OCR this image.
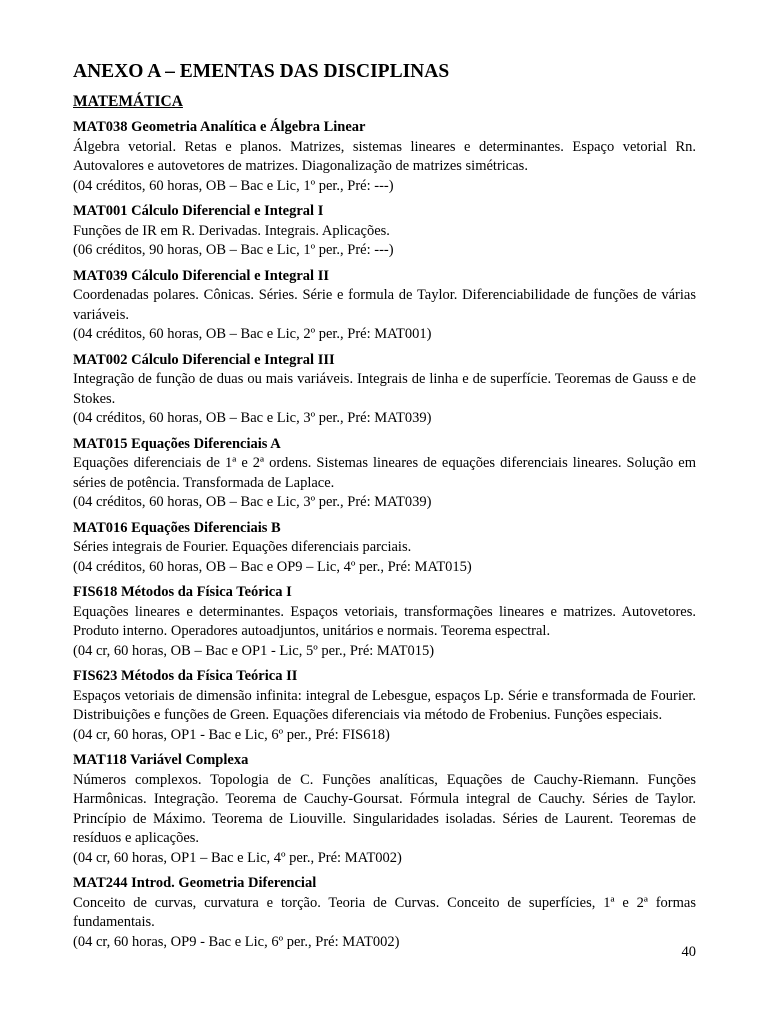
ANEXO A – EMENTAS DAS DISCIPLINAS
MATEMÁTICA

MAT038 Geometria Analítica e Álgebra Linear

Álgebra vetorial. Retas e planos. Matrizes, sistemas lineares e determinantes. Espaço vetorial Rn. Autovalores e autovetores de matrizes. Diagonalização de matrizes simétricas.

(04 créditos, 60 horas, OB – Bac e Lic, 1º per., Pré: ---)

MAT001 Cálculo Diferencial e Integral I

Funções de IR em R. Derivadas. Integrais. Aplicações.

(06 créditos, 90 horas, OB – Bac e Lic, 1º per., Pré: ---)

MAT039 Cálculo Diferencial e Integral II

Coordenadas polares. Cônicas. Séries. Série e formula de Taylor. Diferenciabilidade de funções de várias variáveis.

(04 créditos, 60 horas, OB – Bac e Lic, 2º per., Pré: MAT001)

MAT002 Cálculo Diferencial e Integral III

Integração de função de duas ou mais variáveis. Integrais de linha e de superfície. Teoremas de Gauss e de Stokes.

(04 créditos, 60 horas, OB – Bac e Lic, 3º per., Pré: MAT039)

MAT015 Equações Diferenciais A

Equações diferenciais de 1ª e 2ª ordens. Sistemas lineares de equações diferenciais lineares. Solução em séries de potência. Transformada de Laplace.

(04 créditos, 60 horas, OB – Bac e Lic, 3º per., Pré: MAT039)

MAT016 Equações Diferenciais B

Séries integrais de Fourier. Equações diferenciais parciais.

(04 créditos, 60 horas, OB – Bac e OP9 – Lic, 4º per., Pré: MAT015)

FIS618 Métodos da Física Teórica I

Equações lineares e determinantes. Espaços vetoriais, transformações lineares e matrizes. Autovetores. Produto interno. Operadores autoadjuntos, unitários e normais. Teorema espectral.

(04 cr, 60 horas, OB – Bac e OP1 - Lic, 5º per., Pré: MAT015)

FIS623 Métodos da Física Teórica II

Espaços vetoriais de dimensão infinita: integral de Lebesgue, espaços Lp. Série e transformada de Fourier. Distribuições e funções de Green. Equações diferenciais via método de Frobenius. Funções especiais.

(04 cr, 60 horas, OP1 - Bac e Lic, 6º per., Pré: FIS618)

MAT118 Variável Complexa

Números complexos. Topologia de C. Funções analíticas, Equações de Cauchy-Riemann. Funções Harmônicas. Integração. Teorema de Cauchy-Goursat. Fórmula integral de Cauchy. Séries de Taylor. Princípio de Máximo. Teorema de Liouville. Singularidades isoladas. Séries de Laurent. Teoremas de resíduos e aplicações.

(04 cr, 60 horas, OP1 – Bac e Lic, 4º per., Pré: MAT002)

MAT244 Introd. Geometria Diferencial

Conceito de curvas, curvatura e torção. Teoria de Curvas. Conceito de superfícies, 1ª e 2ª formas fundamentais.

(04 cr, 60 horas, OP9 - Bac e Lic, 6º per., Pré: MAT002)

40
